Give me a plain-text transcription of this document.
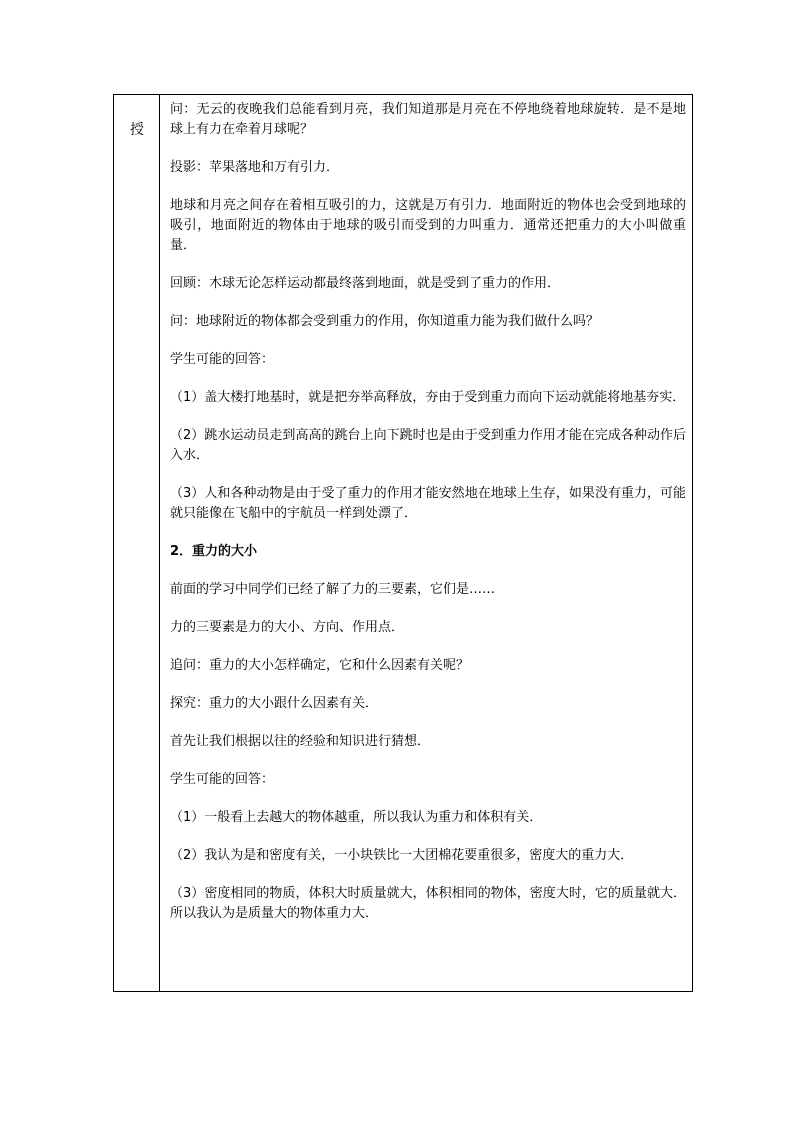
授

问：无云的夜晚我们总能看到月亮，我们知道那是月亮在不停地绕着地球旋转．是不是地球上有力在牵着月球呢？

投影：苹果落地和万有引力．

地球和月亮之间存在着相互吸引的力，这就是万有引力．地面附近的物体也会受到地球的吸引，地面附近的物体由于地球的吸引而受到的力叫重力．通常还把重力的大小叫做重量．

回顾：木球无论怎样运动都最终落到地面，就是受到了重力的作用．

问：地球附近的物体都会受到重力的作用，你知道重力能为我们做什么吗？

学生可能的回答：

（1）盖大楼打地基时，就是把夯举高释放，夯由于受到重力而向下运动就能将地基夯实．

（2）跳水运动员走到高高的跳台上向下跳时也是由于受到重力作用才能在完成各种动作后入水．

（3）人和各种动物是由于受了重力的作用才能安然地在地球上生存，如果没有重力，可能就只能像在飞船中的宇航员一样到处漂了．

2．重力的大小

前面的学习中同学们已经了解了力的三要素，它们是……

力的三要素是力的大小、方向、作用点．

追问：重力的大小怎样确定，它和什么因素有关呢？

探究：重力的大小跟什么因素有关．

首先让我们根据以往的经验和知识进行猜想．

学生可能的回答：

（1）一般看上去越大的物体越重，所以我认为重力和体积有关．

（2）我认为是和密度有关，一小块铁比一大团棉花要重很多，密度大的重力大．

（3）密度相同的物质，体积大时质量就大，体积相同的物体，密度大时，它的质量就大．所以我认为是质量大的物体重力大．
